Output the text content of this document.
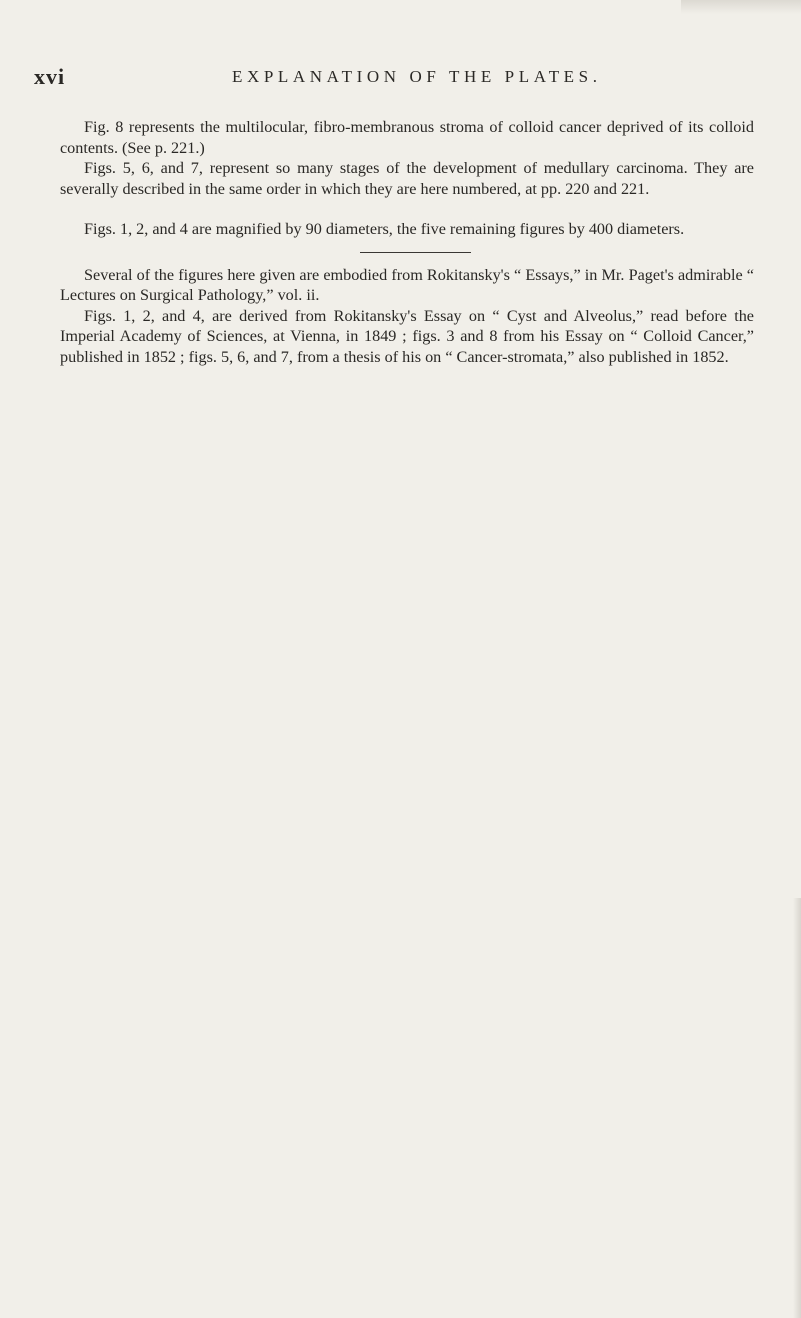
xvi	EXPLANATION OF THE PLATES.

Fig. 8 represents the multilocular, fibro-membranous stroma of colloid cancer deprived of its colloid contents. (See p. 221.)

Figs. 5, 6, and 7, represent so many stages of the development of medullary carcinoma. They are severally described in the same order in which they are here numbered, at pp. 220 and 221.

Figs. 1, 2, and 4 are magnified by 90 diameters, the five remaining figures by 400 diameters.

Several of the figures here given are embodied from Rokitansky's “ Essays,” in Mr. Paget's admirable “ Lectures on Surgical Pathology,” vol. ii.

Figs. 1, 2, and 4, are derived from Rokitansky's Essay on “ Cyst and Alveolus,” read before the Imperial Academy of Sciences, at Vienna, in 1849 ; figs. 3 and 8 from his Essay on “ Colloid Cancer,” published in 1852 ; figs. 5, 6, and 7, from a thesis of his on “ Cancer-stromata,” also published in 1852.
